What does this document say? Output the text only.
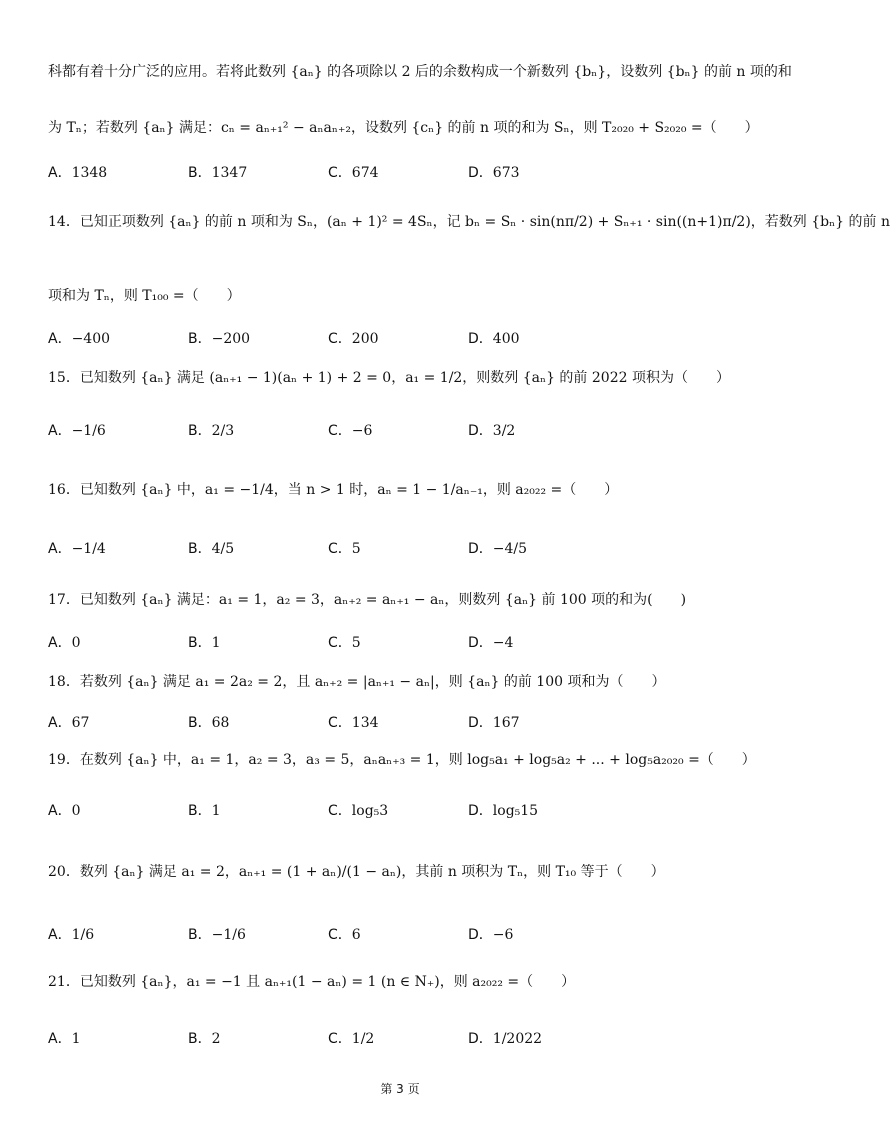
科都有着十分广泛的应用。若将此数列 {aₙ} 的各项除以 2 后的余数构成一个新数列 {bₙ}，设数列 {bₙ} 的前 n 项的和
为 Tₙ；若数列 {aₙ} 满足：cₙ = aₙ₊₁² − aₙaₙ₊₂，设数列 {cₙ} 的前 n 项的和为 Sₙ，则 T₂₀₂₀ + S₂₀₂₀ =（　　）
A．1348	B．1347	C．674	D．673
14．已知正项数列 {aₙ} 的前 n 项和为 Sₙ，(aₙ + 1)² = 4Sₙ，记 bₙ = Sₙ · sin(nπ/2) + Sₙ₊₁ · sin((n+1)π/2)，若数列 {bₙ} 的前 n
项和为 Tₙ，则 T₁₀₀ =（　　）
A．−400	B．−200	C．200	D．400
15．已知数列 {aₙ} 满足 (aₙ₊₁ − 1)(aₙ + 1) + 2 = 0，a₁ = 1/2，则数列 {aₙ} 的前 2022 项积为（　　）
A．−1/6	B．2/3	C．−6	D．3/2
16．已知数列 {aₙ} 中，a₁ = −1/4，当 n > 1 时，aₙ = 1 − 1/aₙ₋₁，则 a₂₀₂₂ =（　　）
A．−1/4	B．4/5	C．5	D．−4/5
17．已知数列 {aₙ} 满足：a₁ = 1，a₂ = 3，aₙ₊₂ = aₙ₊₁ − aₙ，则数列 {aₙ} 前 100 项的和为(　　)
A．0	B．1	C．5	D．−4
18．若数列 {aₙ} 满足 a₁ = 2a₂ = 2，且 aₙ₊₂ = |aₙ₊₁ − aₙ|，则 {aₙ} 的前 100 项和为（　　）
A．67	B．68	C．134	D．167
19．在数列 {aₙ} 中，a₁ = 1，a₂ = 3，a₃ = 5，aₙaₙ₊₃ = 1，则 log₅a₁ + log₅a₂ + ... + log₅a₂₀₂₀ =（　　）
A．0	B．1	C．log₅3	D．log₅15
20．数列 {aₙ} 满足 a₁ = 2，aₙ₊₁ = (1 + aₙ)/(1 − aₙ)，其前 n 项积为 Tₙ，则 T₁₀ 等于（　　）
A．1/6	B．−1/6	C．6	D．−6
21．已知数列 {aₙ}，a₁ = −1 且 aₙ₊₁(1 − aₙ) = 1 (n ∈ N₊)，则 a₂₀₂₂ =（　　）
A．1	B．2	C．1/2	D．1/2022
第 3 页
